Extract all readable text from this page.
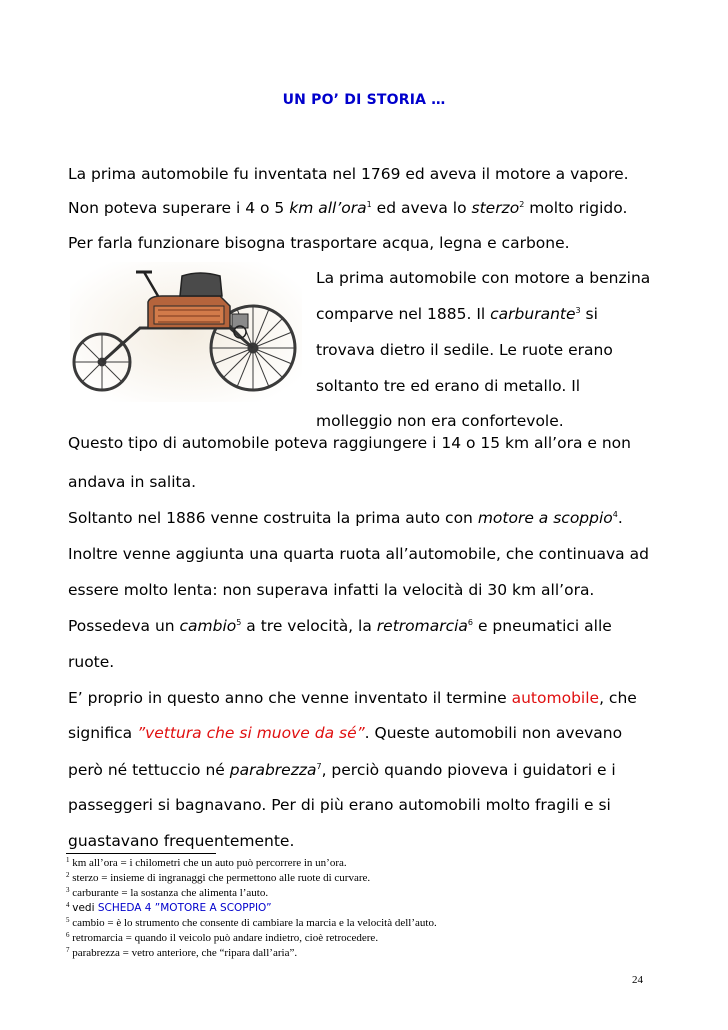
UN PO’ DI STORIA …
La prima automobile fu inventata nel 1769 ed aveva il motore a vapore.
Non poteva superare i 4 o 5 km all’ora$^1$ ed aveva lo sterzo$^2$ molto rigido.
Per farla funzionare bisogna trasportare acqua, legna e carbone.
La prima automobile con motore a benzina
comparve nel 1885. Il carburante$^3$ si
trovava dietro il sedile. Le ruote erano
soltanto tre ed erano di metallo. Il
molleggio non era confortevole.
Questo tipo di automobile poteva raggiungere i 14 o 15 km all’ora e non
andava in salita.
Soltanto nel 1886 venne costruita la prima auto con motore a scoppio$^4$.
Inoltre venne aggiunta una quarta ruota all’automobile, che continuava ad
essere molto lenta: non superava infatti la velocità di 30 km all’ora.
Possedeva un cambio$^5$ a tre velocità, la retromarcia$^6$ e pneumatici alle
ruote.
E’ proprio in questo anno che venne inventato il termine automobile, che
significa ”vettura che si muove da sé”. Queste automobili non avevano
però né tettuccio né parabrezza$^7$, perciò quando pioveva i guidatori e i
passeggeri si bagnavano. Per di più erano automobili molto fragili e si
guastavano frequentemente.
$^1$ km all’ora = i chilometri che un auto può percorrere in un’ora.
$^2$ sterzo = insieme di ingranaggi che permettono alle ruote di curvare.
$^3$ carburante = la sostanza che alimenta l’auto.
$^4$ vedi SCHEDA 4 ”MOTORE A SCOPPIO”
$^5$ cambio = è lo strumento che consente di cambiare la marcia e la velocità dell’auto.
$^6$ retromarcia = quando il veicolo può andare indietro, cioè retrocedere.
$^7$ parabrezza = vetro anteriore, che “ripara dall’aria”.
24
